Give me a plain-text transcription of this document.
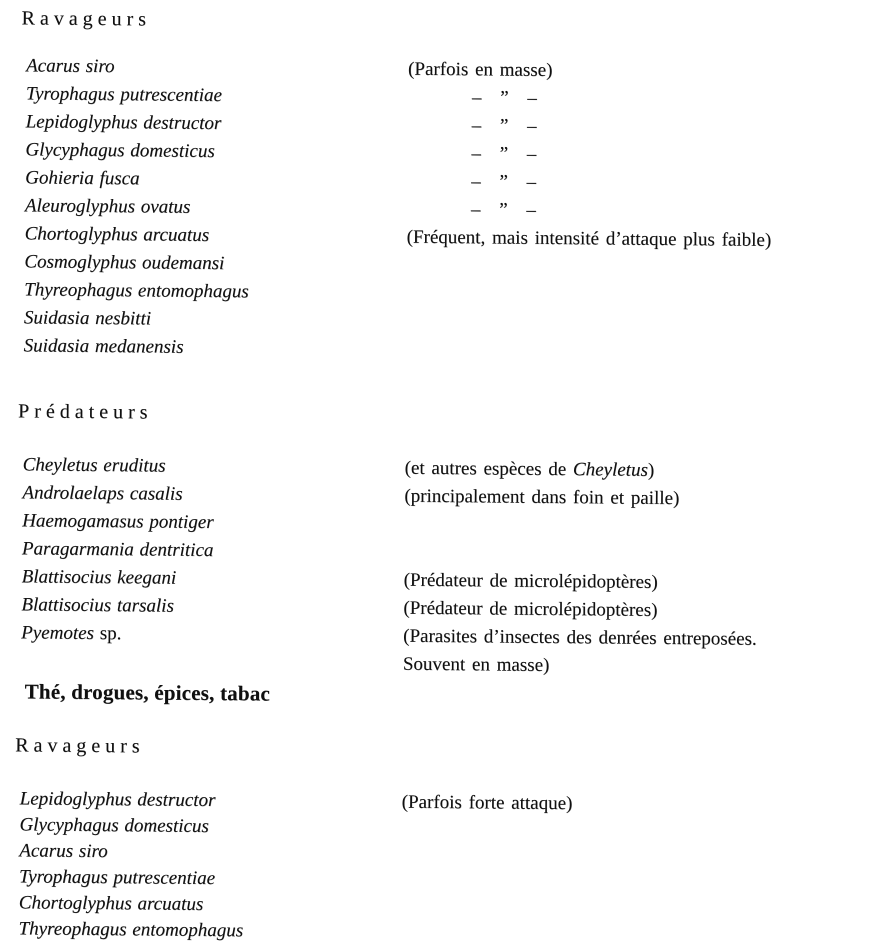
Ravageurs
Acarus siro	(Parfois en masse)
Tyrophagus putrescentiae	– ” –
Lepidoglyphus destructor	– ” –
Glycyphagus domesticus	– ” –
Gohieria fusca	– ” –
Aleuroglyphus ovatus	– ” –
Chortoglyphus arcuatus	(Fréquent, mais intensité d’attaque plus faible)
Cosmoglyphus oudemansi
Thyreophagus entomophagus
Suidasia nesbitti
Suidasia medanensis
Prédateurs
Cheyletus eruditus	(et autres espèces de Cheyletus)
Androlaelaps casalis	(principalement dans foin et paille)
Haemogamasus pontiger
Paragarmania dentritica
Blattisocius keegani	(Prédateur de microlépidoptères)
Blattisocius tarsalis	(Prédateur de microlépidoptères)
Pyemotes sp.	(Parasites d’insectes des denrées entreposées.
Souvent en masse)
Thé, drogues, épices, tabac
Ravageurs
Lepidoglyphus destructor	(Parfois forte attaque)
Glycyphagus domesticus
Acarus siro
Tyrophagus putrescentiae
Chortoglyphus arcuatus
Thyreophagus entomophagus
